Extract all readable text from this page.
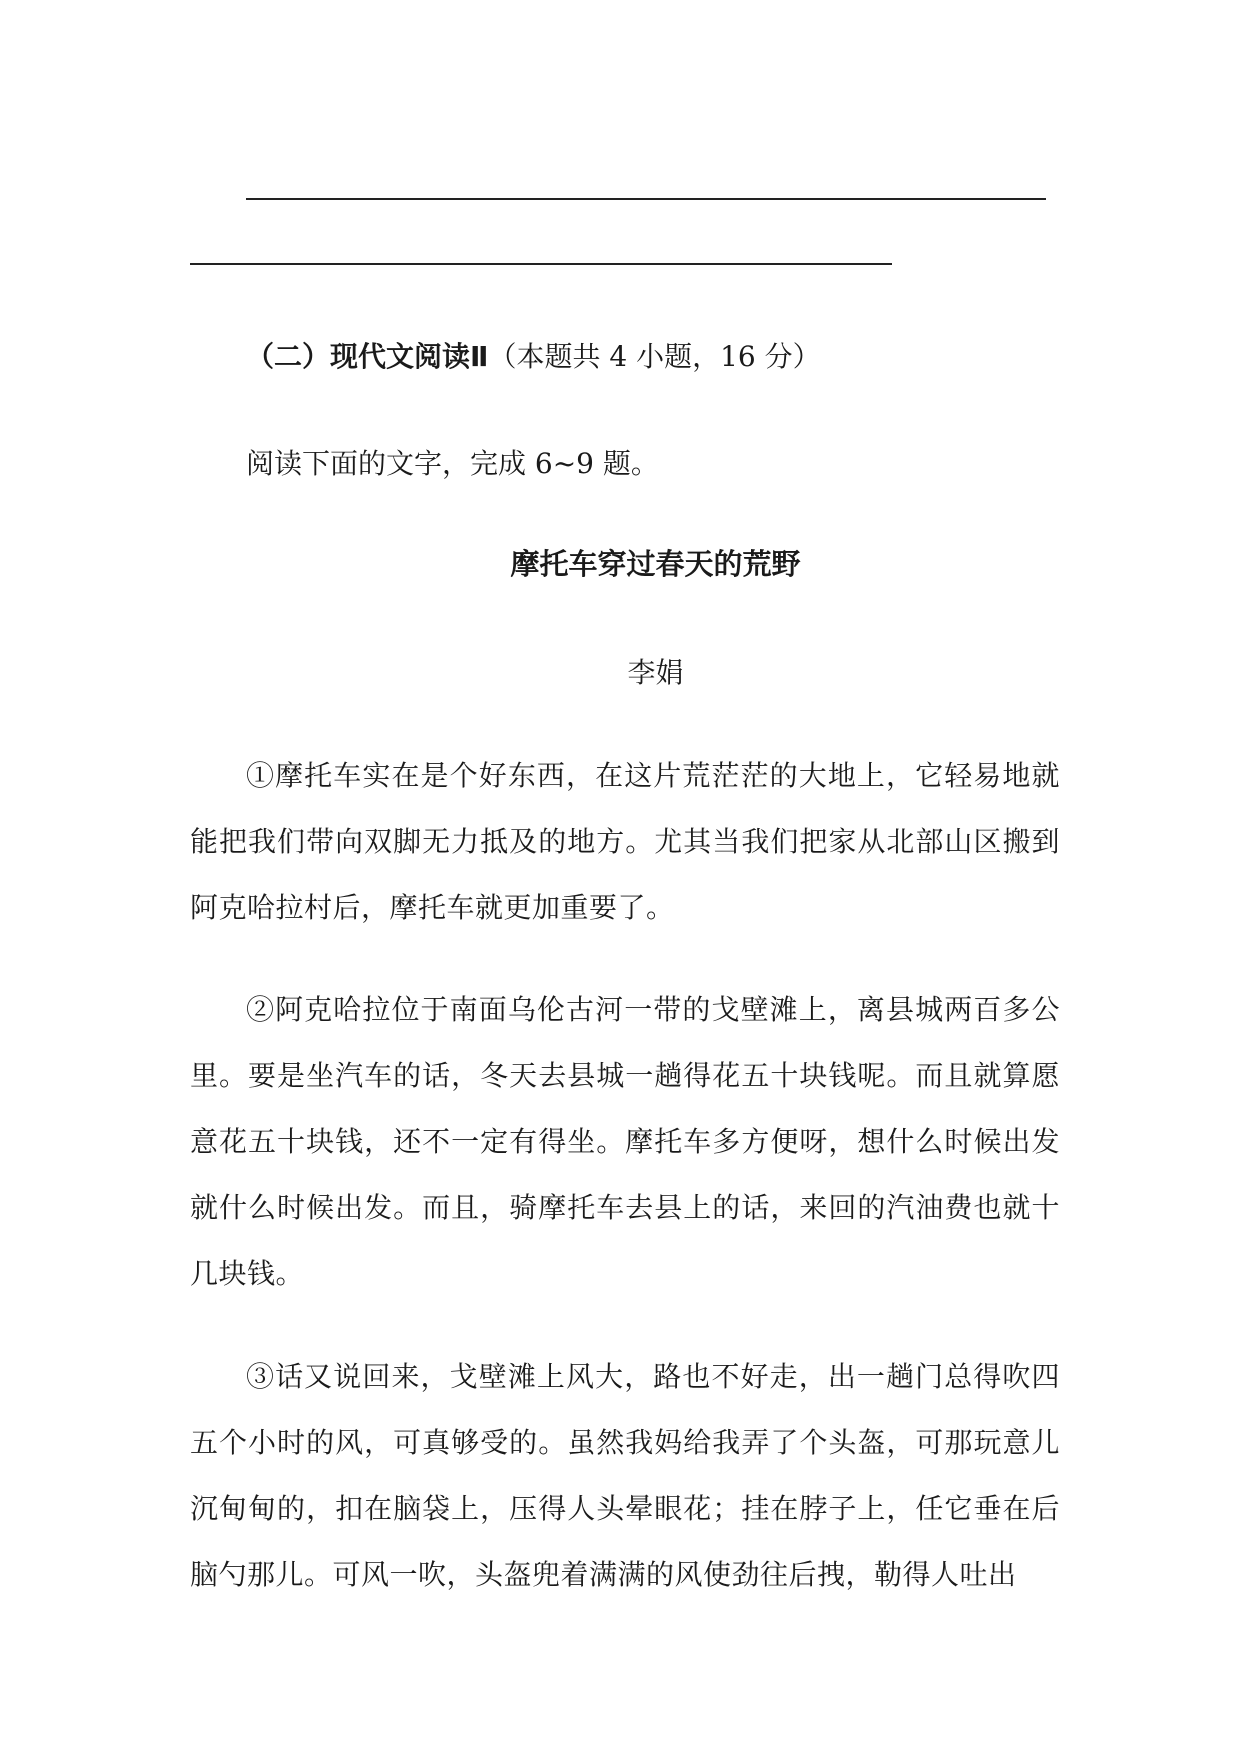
（二）现代文阅读Ⅱ（本题共 4 小题，16 分）
阅读下面的文字，完成 6~9 题。
摩托车穿过春天的荒野
李娟
①摩托车实在是个好东西，在这片荒茫茫的大地上，它轻易地就能把我们带向双脚无力抵及的地方。尤其当我们把家从北部山区搬到阿克哈拉村后，摩托车就更加重要了。
②阿克哈拉位于南面乌伦古河一带的戈壁滩上，离县城两百多公里。要是坐汽车的话，冬天去县城一趟得花五十块钱呢。而且就算愿意花五十块钱，还不一定有得坐。摩托车多方便呀，想什么时候出发就什么时候出发。而且，骑摩托车去县上的话，来回的汽油费也就十几块钱。
③话又说回来，戈壁滩上风大，路也不好走，出一趟门总得吹四五个小时的风，可真够受的。虽然我妈给我弄了个头盔，可那玩意儿沉甸甸的，扣在脑袋上，压得人头晕眼花；挂在脖子上，任它垂在后脑勺那儿。可风一吹，头盔兜着满满的风使劲往后拽，勒得人吐出
